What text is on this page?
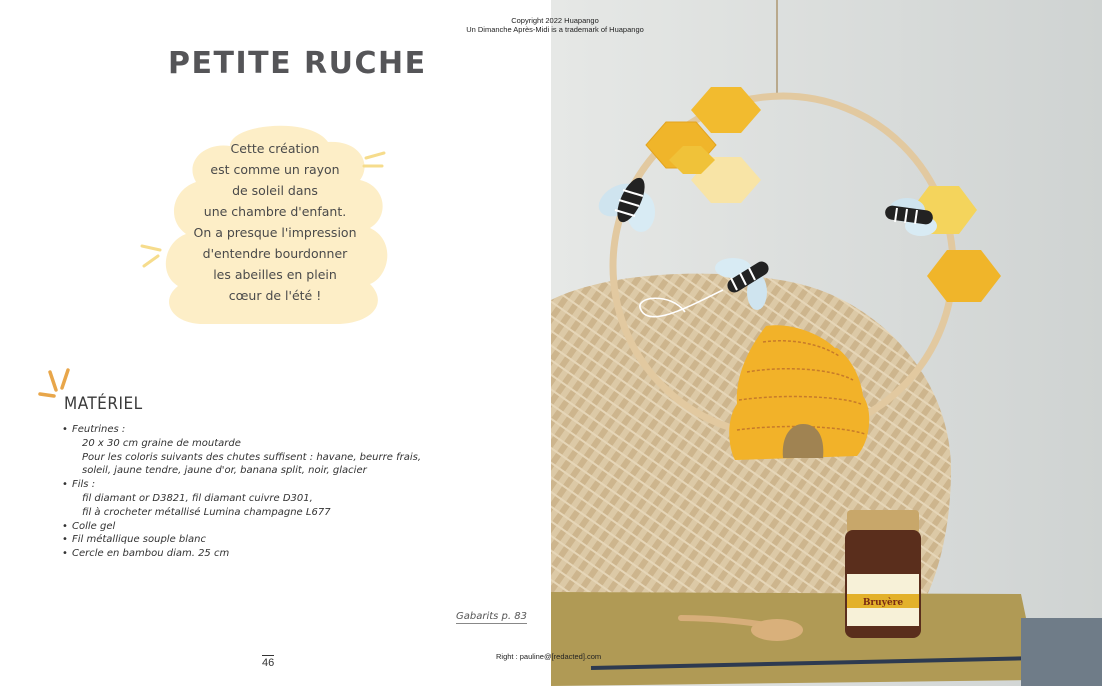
PETITE RUCHE
Cette création
est comme un rayon
de soleil dans
une chambre d'enfant.
On a presque l'impression
d'entendre bourdonner
les abeilles en plein
cœur de l'été !
MATÉRIEL
• Feutrines :
20 x 30 cm graine de moutarde
Pour les coloris suivants des chutes suffisent : havane, beurre frais,
soleil, jaune tendre, jaune d'or, banana split, noir, glacier
• Fils :
fil diamant or D3821, fil diamant cuivre D301,
fil à crocheter métallisé Lumina champagne L677
• Colle gel
• Fil métallique souple blanc
• Cercle en bambou diam. 25 cm
Gabarits p. 83
46
Bruyère
Copyright 2022 Huapango
Un Dimanche Après-Midi is a trademark of Huapango
Right : pauline@[redacted].com
